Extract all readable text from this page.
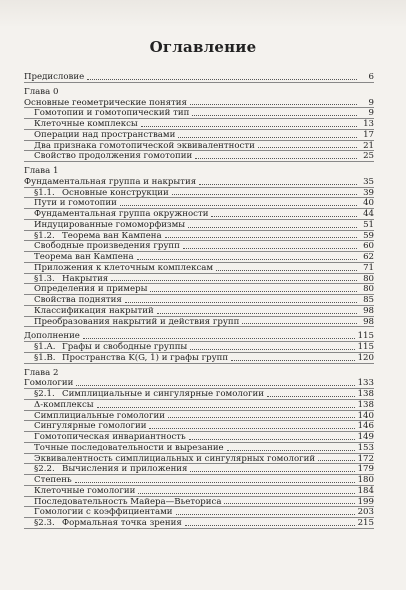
Оглавление
Предисловие	6
Глава 0
Основные геометрические понятия	9
Гомотопии и гомотопический тип	9
Клеточные комплексы	13
Операции над пространствами	17
Два признака гомотопической эквивалентности	21
Свойство продолжения гомотопии	25
Глава 1
Фундаментальная группа и накрытия	35
§1.1. Основные конструкции	39
Пути и гомотопии	40
Фундаментальная группа окружности	44
Индуцированные гомоморфизмы	51
§1.2. Теорема ван Кампена	59
Свободные произведения групп	60
Теорема ван Кампена	62
Приложения к клеточным комплексам	71
§1.3. Накрытия	80
Определения и примеры	80
Свойства поднятия	85
Классификация накрытий	98
Преобразования накрытий и действия групп	98
Дополнение	115
§1.A. Графы и свободные группы	115
§1.B. Пространства K(G, 1) и графы групп	120
Глава 2
Гомологии	133
§2.1. Симплициальные и сингулярные гомологии	138
Δ-комплексы	138
Симплициальные гомологии	140
Сингулярные гомологии	146
Гомотопическая инвариантность	149
Точные последовательности и вырезание	153
Эквивалентность симплициальных и сингулярных гомологий	172
§2.2. Вычисления и приложения	179
Степень	180
Клеточные гомологии	184
Последовательность Майера—Вьеториса	199
Гомологии с коэффициентами	203
§2.3. Формальная точка зрения	215
